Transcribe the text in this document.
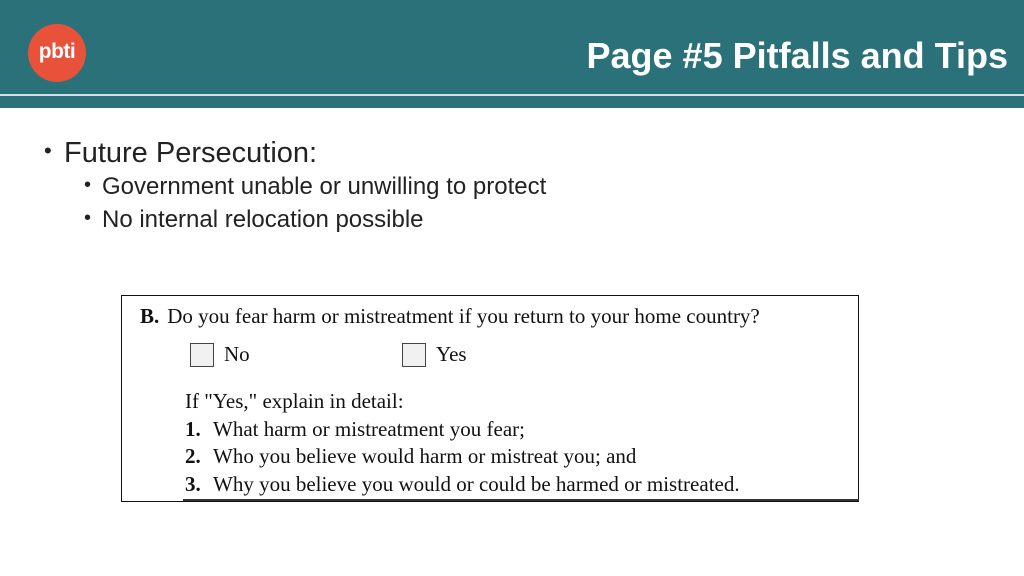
pbti	Page #5 Pitfalls and Tips
• Future Persecution:
• Government unable or unwilling to protect
• No internal relocation possible
B. Do you fear harm or mistreatment if you return to your home country?
No	Yes
If "Yes," explain in detail:
1. What harm or mistreatment you fear;
2. Who you believe would harm or mistreat you; and
3. Why you believe you would or could be harmed or mistreated.
